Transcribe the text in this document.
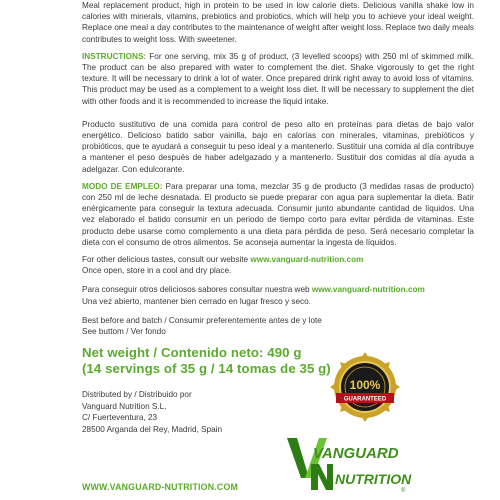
Meal replacement product, high in protein to be used in low calorie diets. Delicious vanilla shake low in calories with minerals, vitamins, prebiotics and probiotics, which will help you to achieve your ideal weight. Replace one meal a day contributes to the maintenance of weight after weight loss. Replace two daily meals contributes to weight loss. With sweetener.

INSTRUCTIONS: For one serving, mix 35 g of product, (3 levelled scoops) with 250 ml of skimmed milk. The product can be also prepared with water to complement the diet. Shake vigorously to get the right texture. It will be necessary to drink a lot of water. Once prepared drink right away to avoid loss of vitamins. This product may be used as a complement to a weight loss diet. It will be necessary to supplement the diet with other foods and it is recommended to increase the liquid intake.

Producto sustitutivo de una comida para control de peso alto en proteínas para dietas de bajo valor energético. Delicioso batido sabor vainilla, bajo en calorías con minerales, vitaminas, prebióticos y probióticos, que te ayudará a conseguir tu peso ideal y a mantenerlo. Sustituir una comida al día contribuye a mantener el peso después de haber adelgazado y a mantenerlo. Sustituir dos comidas al día ayuda a adelgazar. Con edulcorante.

MODO DE EMPLEO: Para preparar una toma, mezclar 35 g de producto (3 medidas rasas de producto) con 250 ml de leche desnatada. El producto se puede preparar con agua para suplementar la dieta. Batir enérgicamente para conseguir la textura adecuada. Consumir junto abundante cantidad de líquidos. Una vez elaborado el batido consumir en un periodo de tiempo corto para evitar pérdida de vitaminas. Este producto debe usarse como complemento a una dieta para pérdida de peso. Será necesario completar la dieta con el consumo de otros alimentos. Se aconseja aumentar la ingesta de líquidos.

For other delicious tastes, consult our website www.vanguard-nutrition.com
Once open, store in a cool and dry place.
Para conseguir otros deliciosos sabores consultar nuestra web www.vanguard-nutrition.com
Una vez abierto, mantener bien cerrado en lugar fresco y seco.
Best before and batch / Consumir preferentemente antes de y lote
See buttom / Ver fondo
Net weight / Contenido neto: 490 g
(14 servings of 35 g / 14 tomas de 35 g)
Distributed by / Distribuido por
Vanguard Nutrition S.L.
C/ Fuerteventura, 23
28500 Arganda del Rey, Madrid, Spain
WWW.VANGUARD-NUTRITION.COM
100%
GUARANTEED
VANGUARD
NUTRITION
®
